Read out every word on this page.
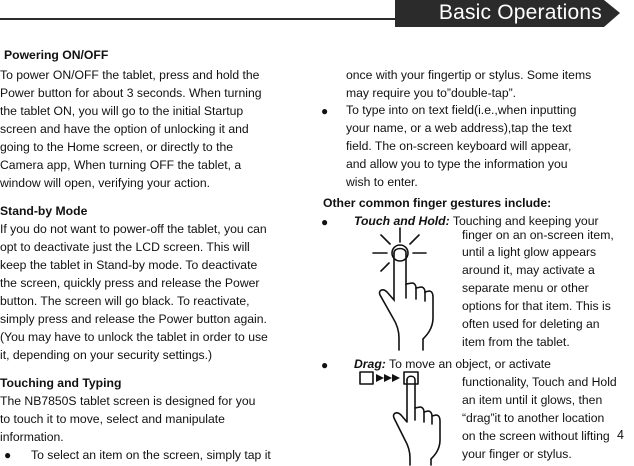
Basic Operations
Powering ON/OFF
To power ON/OFF the tablet, press and hold the
Power button for about 3 seconds. When turning
the tablet ON, you will go to the initial Startup
screen and have the option of unlocking it and
going to the Home screen, or directly to the
Camera app, When turning OFF the tablet, a
window will open, verifying your action.
Stand-by Mode
If you do not want to power-off the tablet, you can
opt to deactivate just the LCD screen. This will
keep the tablet in Stand-by mode. To deactivate
the screen, quickly press and release the Power
button. The screen will go black. To reactivate,
simply press and release the Power button again.
(You may have to unlock the tablet in order to use
it, depending on your security settings.)
Touching and Typing
The NB7850S tablet screen is designed for you
to touch it to move, select and manipulate
information.
● To select an item on the screen, simply tap it
once with your fingertip or stylus. Some items
may require you to”double-tap”.
● To type into on text field(i.e.,when inputting
your name, or a web address),tap the text
field. The on-screen keyboard will appear,
and allow you to type the information you
wish to enter.
Other common finger gestures include:
● Touch and Hold: Touching and keeping your
finger on an on-screen item,
until a light glow appears
around it, may activate a
separate menu or other
options for that item. This is
often used for deleting an
item from the tablet.
● Drag: To move an object, or activate
functionality, Touch and Hold
an item until it glows, then
“drag”it to another location
on the screen without lifting
your finger or stylus.
4
